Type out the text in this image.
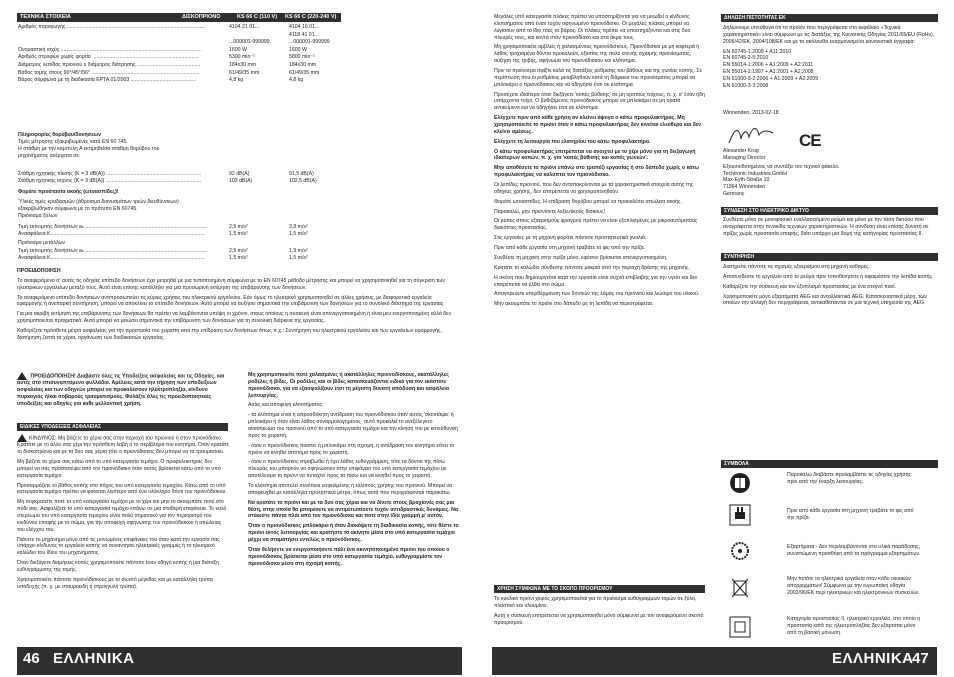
ΤΕΧΝΙΚΑ ΣΤΟΙΧΕΙΑ	ΔΙΣΚΟΠΡΙΟΝΟ	KS 66 C (110 V) KS 66 C (220-240 V)
Αριθμός παραγωγής ................................................................................................	4104 21 01...	4104 16 01...
4118 41 01...
...000001-999999	...000001-999999
Ονομαστική ισχύς ..................................................................................................	1600 W	1600 W
Αριθμός στροφών χωρίς φορτίο ..........................................................................	5300 min⁻¹	5800 min⁻¹
Διάμετρος λεπίδας πριονιού x διάμετρος διάτρησης ............................................	184x30 mm	184x30 mm
Βάθος τομής στους 90°/45°/56° ...........................................................................	61/49/35 mm	61/49/35 mm
Βάρος σύμφωνα με τη διαδικασία EPTA 01/2003 .............................................	4,8 kg	4,8 kg
Πληροφορίες θορύβου/δονήσεων
Τιμές μέτρησης εξακριβωμένες κατά EN 60 745.
Η στάθμη με την καμπύλη A εκτιμηθείσα στάθμη θορύβου του
μηχανήματος ανέρχεται σε:
Στάθμη ηχητικής πίεσης (K = 3 dB(A)) ..................................................................	92 dB(A)	91,5 dB(A)
Στάθμη ηχητικής ισχύος (K = 3 dB(A)) ..................................................................	103 dB(A)	102,5 dB(A)
Φοράτε προστασία ακοής (ωτοασπίδες)!
Ύλικές τιμές κραδασμών (άθροισμα διανυσμάτων τριών διευθύνσεων)
εξακριβωθήκαν σύμφωνα με το πρότυπο EN 60745.
Πριόνισμα ξύλων
Τιμή εκπομπής δονήσεων aₕ ....................................................................................	2,5 m/s²	3,8 m/s²
Ανασφάλεια K...........................................................................................................	1,5 m/s²	1,5 m/s²
Πριόνισμα μετάλλων
Τιμή εκπομπής δονήσεων aₕ ....................................................................................	2,5 m/s²	1,9 m/s²
Ανασφάλεια K...........................................................................................................	1,5 m/s²	1,5 m/s²
ΠΡΟΕΙΔΟΠΟΙΗΣΗ

Το αναφερόμενο σ' αυτές τις οδηγίες επίπεδο δονήσεων έχει μετρηθεί με μια τυποποιημένη σύμφωνα με το EN 60745 μέθοδο μέτρησης και μπορεί να χρησιμοποιηθεί για τη σύγκριση των ηλεκτρικών εργαλείων μεταξύ τους. Αυτό είναι επίσης κατάλληλο για μια προσωρινή εκτίμηση της επιβάρυνσης των δονήσεων.

Το αναφερόμενο επίπεδο δονήσεων αντιπροσωπεύει τις κύριες χρήσεις του ηλεκτρικού εργαλείου. Εάν όμως το ηλεκτρικό χρησιμοποιηθεί σε άλλες χρήσεις, με διαφορετικά εργαλεία εφαρμογής ή ανεπαρκή συντήρηση, μπορεί να αποκλίνει το επίπεδο δονήσεων. Αυτό μπορεί να αυξήσει σημαντικά την επιβάρυνση των δονήσεων για το συνολικό διάστημα της εργασίας.

Για μια ακριβή εκτίμηση της επιβάρυνσης των δονήσεων θα πρέπει να λαμβάνονται υπόψη οι χρόνοι, στους οποίους η συσκευή είναι απενεργοποιημένη ή είναι μεν ενεργοποιημένη αλλά δεν χρησιμοποιείται πραγματικά. Αυτό μπορεί να μειώσει σημαντικά την επιβάρυνση των δονήσεων για τη συνολική διάρκεια της εργασίας.

Καθορίζετε πρόσθετα μέτρα ασφαλείας για την προστασία του χειριστή από την επίδραση των δονήσεων όπως π.χ.: Συντήρηση του ηλεκτρικού εργαλείου και των εργαλείων εφαρμογής, διατήρηση ζεστά τα χέρια, οργάνωση των διαδικασιών εργασίας.

ΠΡΟΕΙΔΟΠΟΙΗΣΗ! Διαβάστε όλες τις Υποδείξεις ασφαλείας και τις Οδηγίες, και αυτές στο επισυναπτόμενο φυλλάδιο. Αμέλειες κατά την τήρηση των υποδείξεων ασφαλείας και των οδηγιών μπορεί να προκαλέσουν ηλεκτροπληξία, κίνδυνο πυρκαγιάς ή/και σοβαρούς τραυματισμούς. Φυλάξτε όλες τις προειδοποιητικές υποδείξεις και οδηγίες για καθε μελλοντική χρήση.
ΕΙΔΙΚΕΣ ΥΠΟΔΕΙΞΕΙΣ ΑΣΦΑΛΕΙΑΣ

ΚΙΝΔΥΝΟΣ: Μη βάζετε τα χέρια σας στην περιοχή του πριονιού ή στον πριονόδισκο. Κρατάτε με το άλλο σας χέρι την πρόσθετη λαβή ή το περίβλημα του κινητήρα. Όταν κρατάτε το δισκοπρίονο και με τα δυο σας χέρια τότε ο πριονόδισκος δεν μπορεί να τα τραυματίσει.

Μη βάζετε τα χέρια σας κάτω από το υπό κατεργασία τεμάχιο. Ο προφυλακτήρας δεν μπορεί να σας προστατέψει από τον πριονόδισκο όταν αυτός βρίσκεται κάτω από το υπό κατεργασία τεμάχιο.

Προσαρμόζετε το βάθος κοπής στο πάχος του υπό κατεργασία τεμαχίου. Κάτω από το υπό κατεργασία τεμάχιο πρέπει να φαίνεται λιγότερο από ένα ολόκληρο δόντι του πριονόδισκου.

Μη συγκρατείτε ποτέ το υπό κατεργασία τεμάχιο με το χέρι και μην το ακουμπάτε ποτέ στο πόδι σας. Ασφαλίζετε το υπό κατεργασία τεμάχιο επάνω σε μια σταθερή επιφάνεια. Το καλό στερέωμα του υπό κατεργασία τεμαχίου είναι πολύ σημαντικό για τον περιορισμό του κινδύνου επαφής με το σώμα, για την αποφυγή σφήνωσης του πριονόδισκου ή απώλειας του ελέγχου του.

Πιάνετε το μηχάνημα μόνο από τις μονωμένες επιφάνειες του όταν κατά την εργασία σας υπάρχει κίνδυνος το εργαλείο κοπής να συναντήσει ηλεκτρικές γραμμές ή το ηλεκτρικό καλώδιο του ίδιου του μηχανήματος.

Όταν διεξάγετε διαμήκεις κοπές χρησιμοποιείτε πάντοτε έναν οδηγό κοπής ή μια διάταξη ευθυγράμμισης της τομής.

Χρησιμοποιείτε πάντοτε πριονόδισκους με το σωστό μέγεθος και με κατάλληλη τρύπα υποδοχής (π. χ. με σταυροειδή ή στρογγυλή τρύπα).

Μη χρησιμοποιείτε ποτέ χαλασμένες ή ακατάλληλες πριονοδίσκους, ακατάλληλες ροδέλες ή βίδες. Οι ροδέλες και οι βίδες κατασκευάζονται ειδικά για τον εκάστοτε πριονόδισκο, για να εξασφαλίζουν έτσι τη μέγιστη δυνατή απόδοση και ασφάλεια λειτουργίας.

Αιτίες και αποφυγή κλοτσήματος:

- τα κλότσημα είναι η απροσδόκητη αντίδραση του πριονόδισκου όταν αυτός 'σκοντάψει' ή μπλοκάρει ή όταν είναι λάθος συναρμολογημένος· αυτό προκαλεί το ανεξέλεγκτο ανασήκωμα του πριονιού από το υπό κατεργασία τεμάχιο και την κίνηση του με κατεύθυνση προς το χειριστή.

- όταν ο πριονόδισκος πιαστεί ή μπλοκάρει στη σχισμή, η αντίδραση του κινητήρα κάνει το πριόνι να κινηθεί απότομα προς το χειριστή.

- όταν ο πριονόδισκος στραβωθεί ή έχει λάθος ευθυγράμμιση, τότε τα δόντια της πίσω πλευράς του μπορούν να σφηνώσουν στην επιφάνεια του υπό κατεργασία τεμαχίου με αποτέλεσμα το πριόνι να πεταχτεί προς τα πίσω και να κινηθεί προς το χειριστή.

Το κλότσημα αποτελεί συνέπεια εσφαλμένης ή ελλιπούς χρήσης του πριονιού. Μπορεί να αποφευχθεί με κατάλληλα προληπτικά μέτρα, όπως αυτά που περιγράφονται παρακάτω.

Να κρατάτε το πριόνι και με τα δυο σας χέρια και να δίνετε στους βραχίονές σας μια θέση, στην οποία θα μπορέσετε να αντιμετωπίσετε τυχόν αντιδραστικές δυνάμεις. Να στέκεστε πάντα πλάι από τον πριονόδισκο και ποτέ στην ίδια γραμμή μ' αυτόν.

Όταν ο πριονόδισκος μπλοκάρει ή όταν διακόψετε τη διαδικασία κοπής, τότε θέστε το πριόνι εκτός λειτουργίας και κρατήστε το ακίνητο μέσα στο υπό κατεργασία τεμάχιο μέχρι να σταματήσει εντελώς ο πριονόδισκος.

Όταν θελήσετε να ενεργοποιήσετε πάλι ένα ακινητοποιημένο πριόνι του οποίου ο πριονόδισκος βρίσκεται μέσα στο υπό κατεργασία τεμάχιο, ευθυγραμμίστε τον πριονόδισκο μέσα στη σχισμή κοπής.

46 ΕΛΛΗΝΙΚΑ

Μεγάλες υπό κατεργασία πλάκες πρέπει να υποστηρίζονται για να μειωθεί ο κίνδυνος κλοτσήματος από έναν τυχόν σφηνωμένο πριονόδισκο. Οι μεγάλες πλάκες μπορεί να λυγίσουν από το ίδιο τους το βάρος. Οι πλάκες πρέπει να υποστηρίζονται και στις δυο πλευρές τους, και κοντά στον πριονόδισκο και στα άκρα τους.

Μη χρησιμοποιείτε αμβλείς ή χαλασμένους πριονόδισκους. Πριονόδισκοι με μη κοφτερά ή λάθος τροχισμένα δόντια προκαλούν, εξαιτίας της πολύ στενής σχισμής πριονίσματος, αύξηση της τριβής, σφήνωμα του πριονόδισκου και κλότσημα.

Πριν το πριόνισμα σφίξτε καλά τις διατάξεις ρύθμισης του βάθους και της γωνίας κοπής. Σε περίπτωση που οι ρυθμίσεις μεταβληθούν κατά τη διάρκεια του πριονίσματος μπορεί να μπλοκάρει ο πριονόδισκος και να οδηγήσει έτσι σε κλότσημα.

Προσέχετε ιδιαίτερα όταν διεξάγετε 'κοπές βύθισης' σε μη ορατούς τοίχους, π. χ. σ' έναν ήδη υπάρχοντα τοίχο. Ο βυθιζόμενος πριονόδισκος μπορεί να μπλοκάρει σε μη ορατά αντικείμενα και να οδηγήσει έτσι σε κλότσημα.

Ελέγχετε πριν από κάθε χρήση αν κλείνει άψογα ο κάτω προφυλακτήρας. Μη χρησιμοποιείτε το πριόνι όταν ο κάτω προφυλακτήρας δεν κινείται ελεύθερα και δεν κλείνει αμέσως.

Ελέγχετε τη λειτουργία του ελατηρίου του κάτω προφυλακτήρα.

Ο κάτω προφυλακτήρας επιτρέπεται να ανοιχτεί με το χέρι μόνο για τη διεξαγωγή ιδιαίτερων κοπών, π. χ. για 'κοπές βύθισης και κοπές γωνιών'.

Μην αποθέσετε το πριόνι επάνω στο τραπέζι εργασίας ή στο δάπεδο χωρίς ο κάτω προφυλακτήρας να καλύπτει τον πριονόδισκο.

Οι λεπίδες πριονιού, που δεν ανταποκρίνονται με τα χαρακτηριστικά στοιχεία αυτής της οδηγίας χρήσης, δεν επιτρέπεται να χρησιμοποιηθούν.

Φοράτε ωτοασπίδες. Η επίδραση θορύβου μπορεί να προκαλέσει απώλεια ακοής.

Παρακαλώ, μην πριονίσετε λοξευτικούς δίσκους!

Οι ρύπες στους εξαερισμούς φραγμού πρέπει να είναι εξοπλισμένες με μικροαυτόματους διακόπτες προστασίας.

Στις εργασίες με τη μηχανή φοράτε πάντοτε προστατευτικά γυαλιά.

Πριν από κάθε εργασία στη μηχανή τραβάτε το φις από την πρίζα.

Συνδέετε τη μηχανή στην πρίζα μόνο, εφόσον βρίσκεται απενεργοποιημένη.

Κρατάτε το καλώδιο σύνδεσης πάντοτε μακριά από την περιοχή δράσης της μηχανής.

Η σκόνη που δημιουργείται κατά την εργασία είναι συχνά επιβλαβής για την υγεία και δεν επιτρέπεται να έλθει στο σώμα.

Απαγορεύετε υπερθέρμανση των δοντιών της λάμας του πριονιού και λιώσιμο του υλικού.

Μην ακουμπάτε το πριόνι στο δάπεδο με τη λεπίδα να περιστρέφεται.

ΧΡΗΣΗ ΣΥΜΦΩΝΑ ΜΕ ΤΟ ΣΚΟΠΟ ΠΡΟΟΡΙΣΜΟΥ

Το κυκλικό πριόνι χειρός χρησιμοποιείται για το πριόνισμα ευθύγραμμων τομών σε ξύλο, πλαστικό και αλουμίνιο.

Αυτή η συσκευή επιτρέπεται να χρησιμοποιηθεί μόνο σύμφωνα με τον αναφερόμενο σκοπό προορισμού.

ΔΗΛΩΣΗ ΠΙΣΤΟΤΗΤΑΣ ΕΚ

Δηλώνουμε υπεύθυνα ότι το προϊόν που περιγράφεται στο κεφάλαιο «Τεχνικά χαρακτηριστικά» είναι σύμφωνο με τις διατάξεις της Κοινοτικής Οδηγίας 2011/65/EU (RoHs), 2006/42/EK, 2004/108/EK και με τα ακόλουθα εναρμονισμένα κανονιστικά έγγραφα:

EN 60745-1:2009 + A11:2010
EN 60745-2-5:2010
EN 55014-1:2006 + A1:2009 + A2:2011
EN 55014-2:1997 + A1:2001 + A2:2008
EN 61000-3-2:2006 + A1:2009 + A2:2009
EN 61000-3-3:2008
Winnenden, 2013-02-18
CE
Alexander Krug
Managing Director
Εξουσιοδοτημένος να συντάξει τον τεχνικό φάκελο.
Techtronic Industries GmbH
Max-Eyth-Straße 10
71364 Winnenden
Germany
ΣΥΝΔΕΣΗ ΣΤΟ ΗΛΕΚΤΡΙΚΟ ΔΙΚΤΥΟ
Συνδέετε μόνο σε μονοφασικό εναλλασσόμενο ρεύμα και μόνο με την τάση δικτύου που αναγράφεται στην πινακίδα τεχνικών χαρακτηριστικών. Η σύνδεση είναι επίσης δυνατή σε πρίζες χωρίς προστασία επαφής, διότι υπάρχει μια δομή της κατηγορίας προστασίας II.
ΣΥΝΤΗΡΗΣΗ

Διατηρείτε πάντοτε τις σχισμές εξαερισμού στη μηχανή καθαρές.

Αποσυνδέστε το εργαλείο από το ρεύμα πριν τοποθετήσετε ή αφαιρέσετε την λεπίδα κοπής.

Καθαρίζετε την συσκευή και τον εξοπλισμό προστασίας με ένα στεγνό πανί.

Χρησιμοποιείτε μόνο εξαρτήματα AEG και ανταλλακτικά AEG. Κατασκευαστικά μέρη, των οποίων την αλλαγή δεν περιγράφεται, αντικαθίστανται σε μια τεχνική υπηρεσία της AEG.

ΣΥΜΒΟΛΑ
Παρακαλώ διαβάστε προλαμβάστε τις οδηγίες χρήσης πριν από την έναρξη λειτουργίας.
Πριν από κάθε εργασία στη μηχανή τραβάτε το φις από την πρίζα.
Εξαρτήματα - Δεν περιλαμβάνονται στα υλικά παράδοσης, συνιστώμενη προσθήκη από το πρόγραμμα εξαρτημάτων.
Μην πετάτε τα ηλεκτρικά εργαλεία στον κάδο οικιακών απορριμμάτων! Σύμφωνα με την ευρωπαϊκή οδηγία 2002/96/EK περί ηλεκτρικών και ηλεκτρονικών συσκευών.
Κατηγορία προστασίας II, ηλεκτρικό εργαλείο, στο οποίο η προστασία κατά της ηλεκτροπληξίας δεν εξαρτάται μόνο από τη βασική μόνωση.
ΕΛΛΗΝΙΚΑ
47
